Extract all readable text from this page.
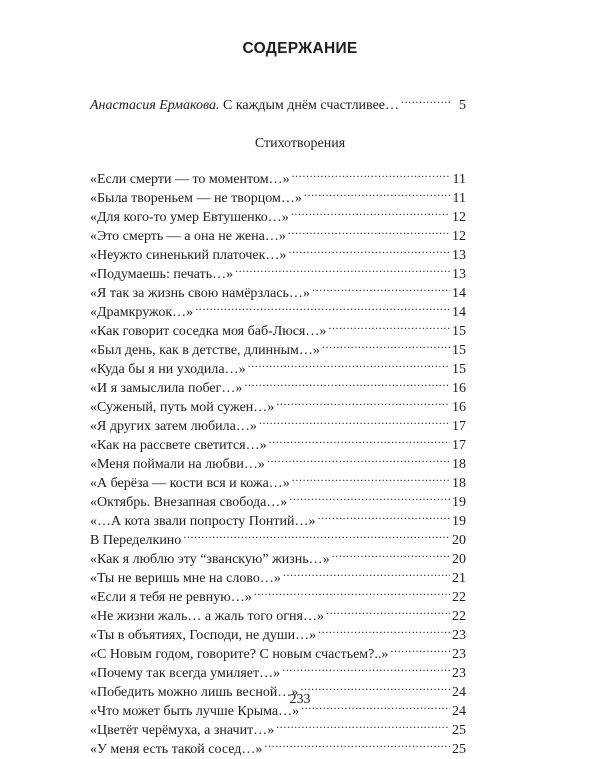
СОДЕРЖАНИЕ
Анастасия Ермакова. С каждым днём счастливее… .....	5
Стихотворения
«Если смерти — то моментом…» .....	11
«Была твореньем — не творцом…» .....	11
«Для кого-то умер Евтушенко…» .....	12
«Это смерть — а она не жена…» .....	12
«Неужто синенький платочек…» .....	13
«Подумаешь: печать…» .....	13
«Я так за жизнь свою намёрзлась…» .....	14
«Драмкружок…» .....	14
«Как говорит соседка моя баб-Люся…» .....	15
«Был день, как в детстве, длинным…» .....	15
«Куда бы я ни уходила…» .....	15
«И я замыслила побег…» .....	16
«Суженый, путь мой сужен…» .....	16
«Я других затем любила…» .....	17
«Как на рассвете светится…» .....	17
«Меня поймали на любви…» .....	18
«А берёза — кости вся и кожа…» .....	18
«Октябрь. Внезапная свобода…» .....	19
«…А кота звали попросту Понтий…» .....	19
В Переделкино .....	20
«Как я люблю эту “званскую” жизнь…» .....	20
«Ты не веришь мне на слово…» .....	21
«Если я тебя не ревную…» .....	22
«Не жизни жаль… а жаль того огня…» .....	22
«Ты в объятиях, Господи, не души…» .....	23
«С Новым годом, говорите? С новым счастьем?..» .....	23
«Почему так всегда умиляет…» .....	23
«Победить можно лишь весной…» .....	24
«Что может быть лучше Крыма…» .....	24
«Цветёт черёмуха, а значит…» .....	25
«У меня есть такой сосед…» .....	25
233
